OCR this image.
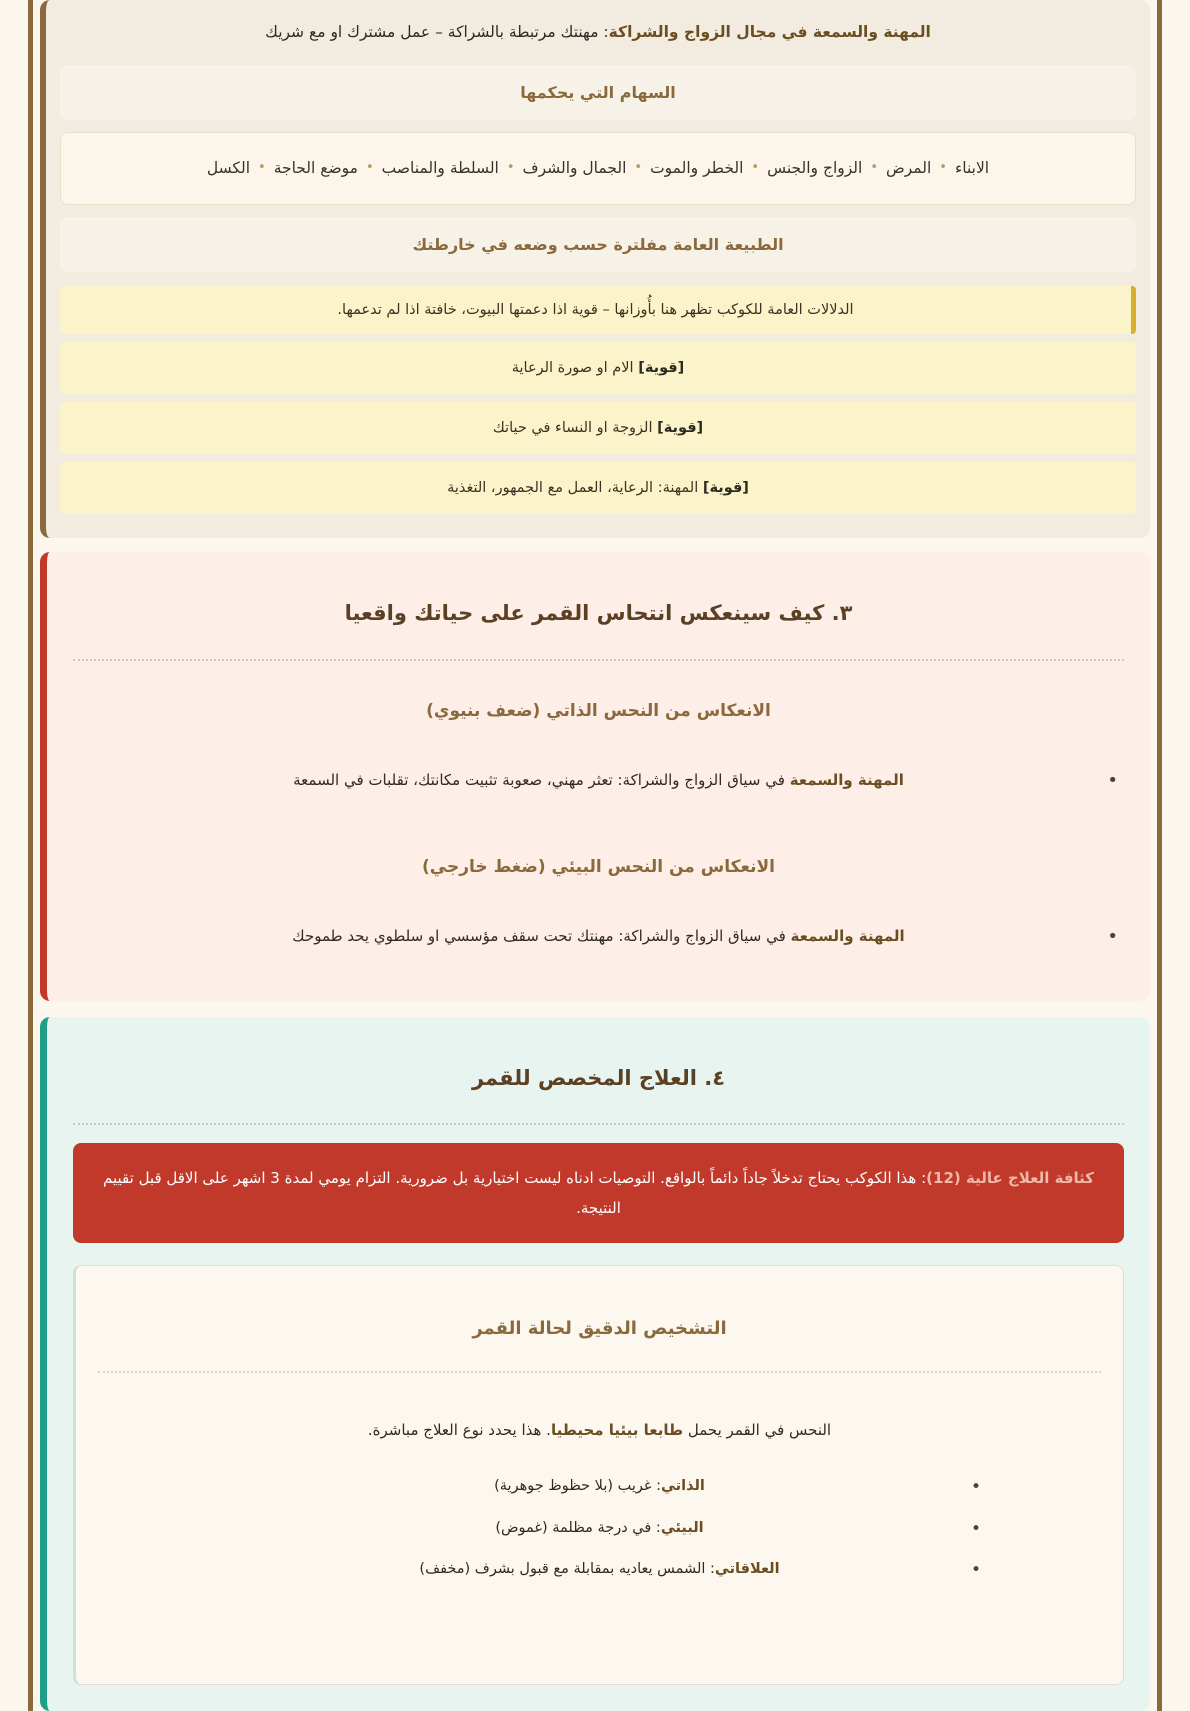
المهنة والسمعة في مجال الزواج والشراكة: مهنتك مرتبطة بالشراكة – عمل مشترك او مع شريك
السهام التي يحكمها
الابناء•المرض•الزواج والجنس•الخطر والموت•الجمال والشرف•السلطة والمناصب•موضع الحاجة•الكسل
الطبيعة العامة مفلترة حسب وضعه في خارطتك
الدلالات العامة للكوكب تظهر هنا بأُوزانها – قوية اذا دعمتها البيوت، خافتة اذا لم تدعمها.
[قوية] الام او صورة الرعاية
[قوية] الزوجة او النساء في حياتك
[قوية] المهنة: الرعاية، العمل مع الجمهور، التغذية
٣. كيف سينعكس انتحاس القمر على حياتك واقعيا
الانعكاس من النحس الذاتي (ضعف بنيوي)
• المهنة والسمعة في سياق الزواج والشراكة: تعثر مهني، صعوبة تثبيت مكانتك، تقلبات في السمعة
الانعكاس من النحس البيئي (ضغط خارجي)
• المهنة والسمعة في سياق الزواج والشراكة: مهنتك تحت سقف مؤسسي او سلطوي يحد طموحك
٤. العلاج المخصص للقمر
كثافة العلاج عالية (12): هذا الكوكب يحتاج تدخلاً جاداً دائماً بالواقع. التوصيات ادناه ليست اختيارية بل ضرورية. التزام يومي لمدة 3 اشهر على الاقل قبل تقييم النتيجة.
التشخيص الدقيق لحالة القمر

النحس في القمر يحمل طابعا بيئيا محيطيا. هذا يحدد نوع العلاج مباشرة.

• الذاتي: غريب (بلا حظوظ جوهرية)
• البيئي: في درجة مظلمة (غموض)
• العلاقاتي: الشمس يعاديه بمقابلة مع قبول بشرف (مخفف)
